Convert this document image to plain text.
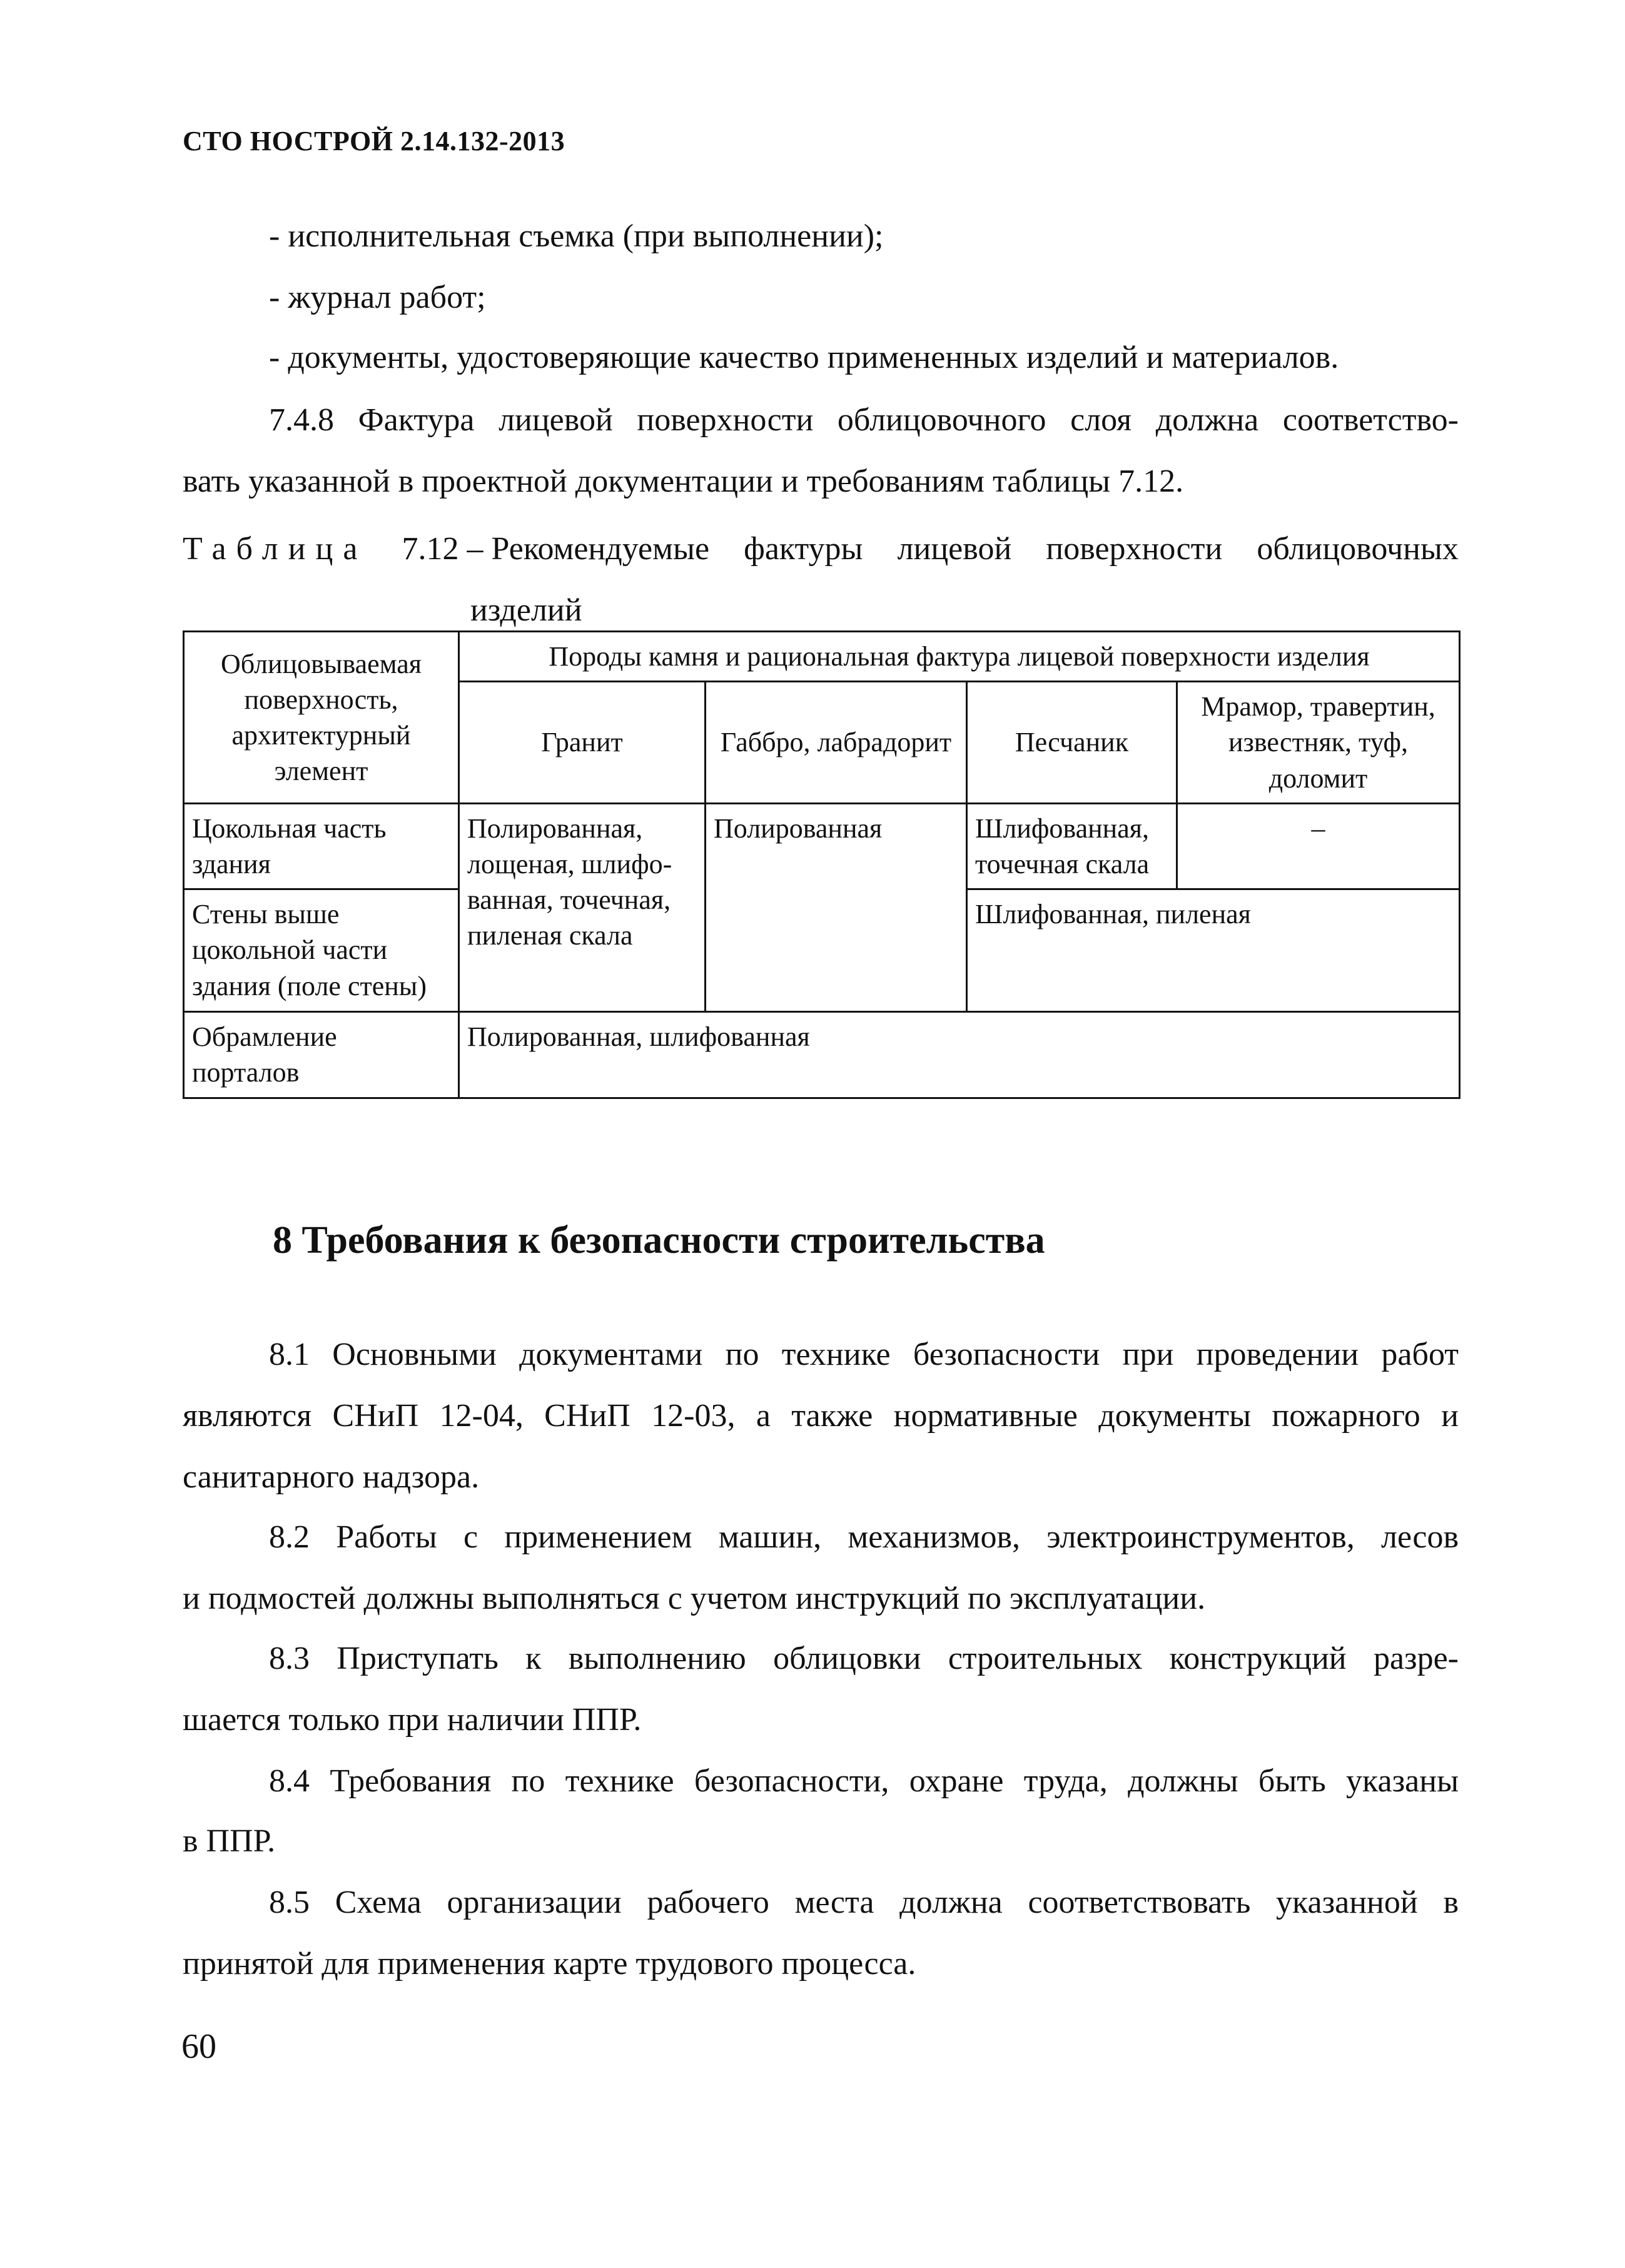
СТО НОСТРОЙ 2.14.132-2013
- исполнительная съемка (при выполнении);
- журнал работ;
- документы, удостоверяющие качество примененных изделий и материалов.
7.4.8 Фактура лицевой поверхности облицовочного слоя должна соответство-
вать указанной в проектной документации и требованиям таблицы 7.12.
Таблица 7.12 – Рекомендуемые фактуры лицевой поверхности облицовочных
изделий
Облицовываемая поверхность, архитектурный элемент	Породы камня и рациональная фактура лицевой поверхности изделия			
	Гранит	Габбро, лабрадорит	Песчаник	Мрамор, травертин, известняк, туф, доломит
Цокольная часть здания	Полированная, лощеная, шлифо-ванная, точечная, пиленая скала	Полированная	Шлифованная, точечная скала	–
Стены выше цокольной части здания (поле стены)			Шлифованная, пиленая	
Обрамление порталов	Полированная, шлифованная			
8 Требования к безопасности строительства
8.1 Основными документами по технике безопасности при проведении работ
являются СНиП 12-04, СНиП 12-03, а также нормативные документы пожарного и
санитарного надзора.
8.2 Работы с применением машин, механизмов, электроинструментов, лесов
и подмостей должны выполняться с учетом инструкций по эксплуатации.
8.3 Приступать к выполнению облицовки строительных конструкций разре-
шается только при наличии ППР.
8.4 Требования по технике безопасности, охране труда, должны быть указаны
в ППР.
8.5 Схема организации рабочего места должна соответствовать указанной в
принятой для применения карте трудового процесса.
60
